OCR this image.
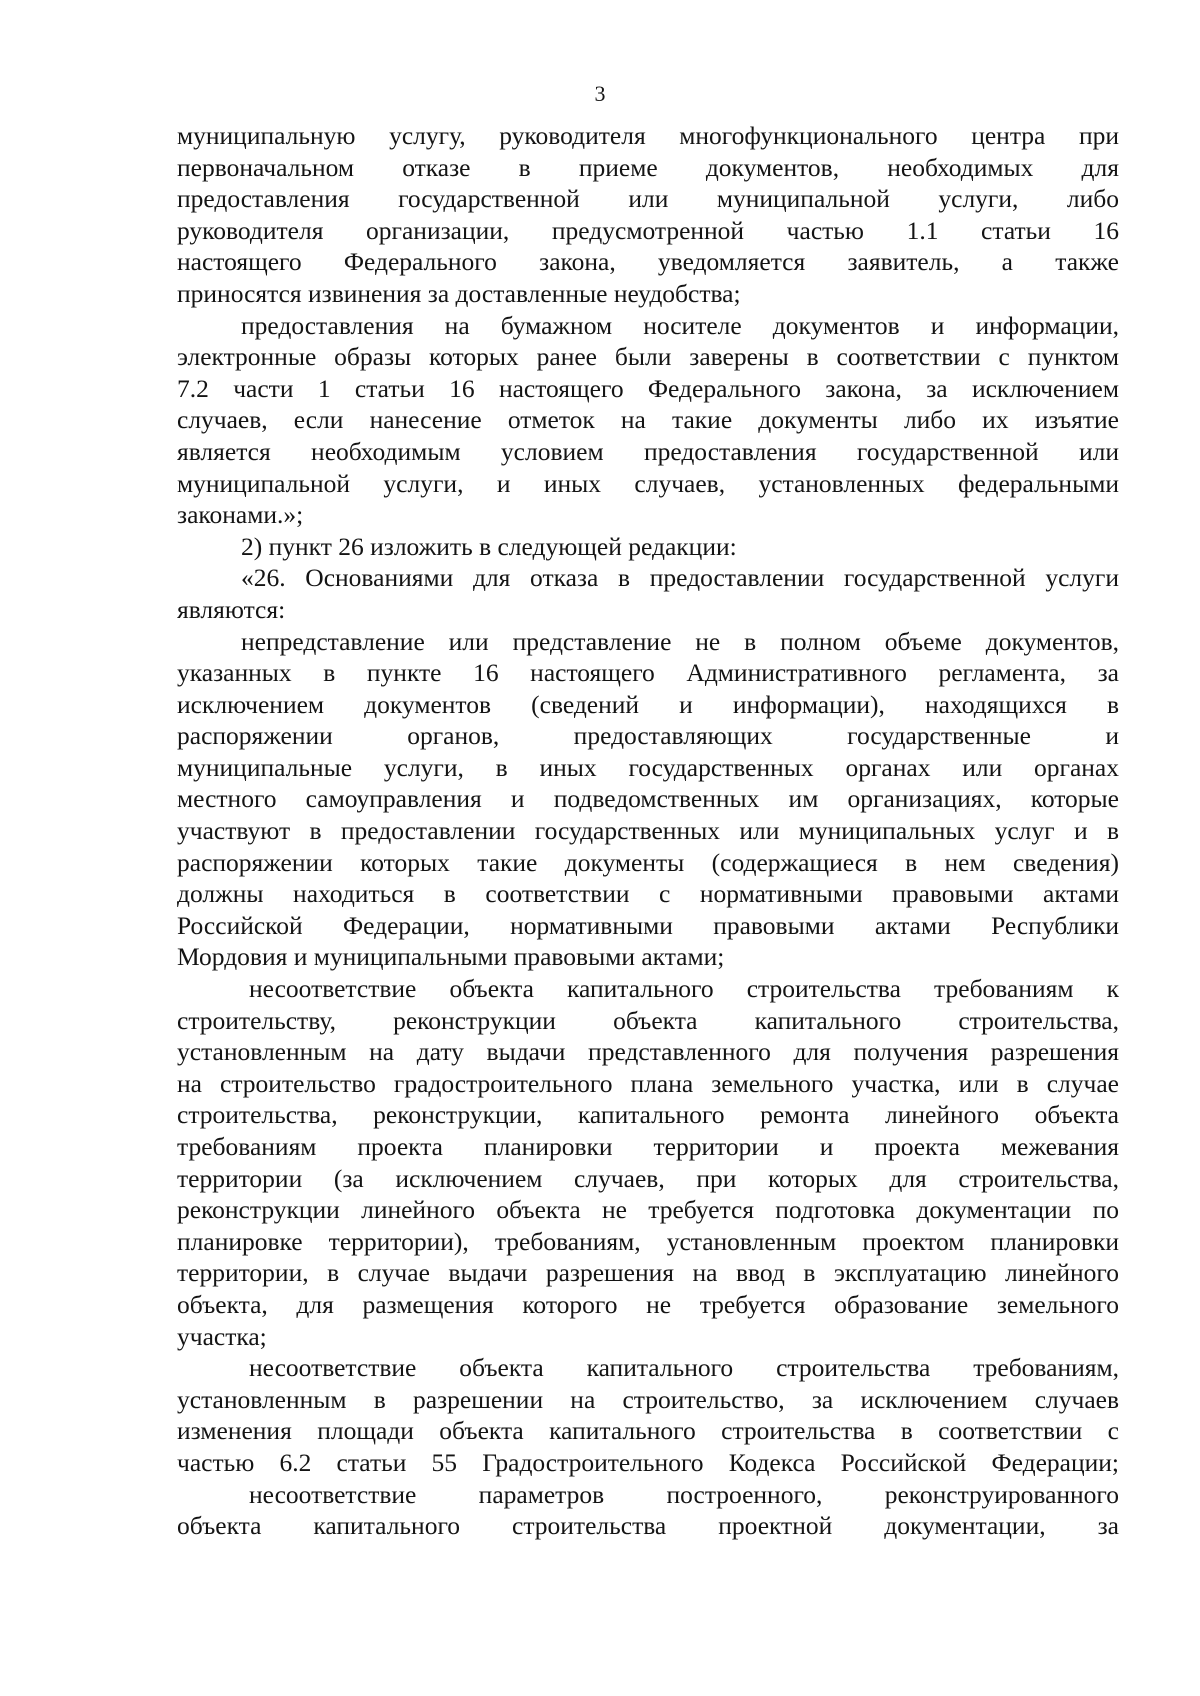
3

муниципальную услугу, руководителя многофункционального центра при

первоначальном отказе в приеме документов, необходимых для

предоставления государственной или муниципальной услуги, либо

руководителя организации, предусмотренной частью 1.1 статьи 16

настоящего Федерального закона, уведомляется заявитель, а также

приносятся извинения за доставленные неудобства;

предоставления на бумажном носителе документов и информации,

электронные образы которых ранее были заверены в соответствии с пунктом

7.2 части 1 статьи 16 настоящего Федерального закона, за исключением

случаев, если нанесение отметок на такие документы либо их изъятие

является необходимым условием предоставления государственной или

муниципальной услуги, и иных случаев, установленных федеральными

законами.»;

2) пункт 26 изложить в следующей редакции:

«26. Основаниями для отказа в предоставлении государственной услуги

являются:

непредставление или представление не в полном объеме документов,

указанных в пункте 16 настоящего Административного регламента, за

исключением документов (сведений и информации), находящихся в

распоряжении органов, предоставляющих государственные и

муниципальные услуги, в иных государственных органах или органах

местного самоуправления и подведомственных им организациях, которые

участвуют в предоставлении государственных или муниципальных услуг и в

распоряжении которых такие документы (содержащиеся в нем сведения)

должны находиться в соответствии с нормативными правовыми актами

Российской Федерации, нормативными правовыми актами Республики

Мордовия и муниципальными правовыми актами;

несоответствие объекта капитального строительства требованиям к

строительству, реконструкции объекта капитального строительства,

установленным на дату выдачи представленного для получения разрешения

на строительство градостроительного плана земельного участка, или в случае

строительства, реконструкции, капитального ремонта линейного объекта

требованиям проекта планировки территории и проекта межевания

территории (за исключением случаев, при которых для строительства,

реконструкции линейного объекта не требуется подготовка документации по

планировке территории), требованиям, установленным проектом планировки

территории, в случае выдачи разрешения на ввод в эксплуатацию линейного

объекта, для размещения которого не требуется образование земельного

участка;

несоответствие объекта капитального строительства требованиям,

установленным в разрешении на строительство, за исключением случаев

изменения площади объекта капитального строительства в соответствии с

частью 6.2 статьи 55 Градостроительного Кодекса Российской Федерации;

несоответствие параметров построенного, реконструированного

объекта капитального строительства проектной документации, за
